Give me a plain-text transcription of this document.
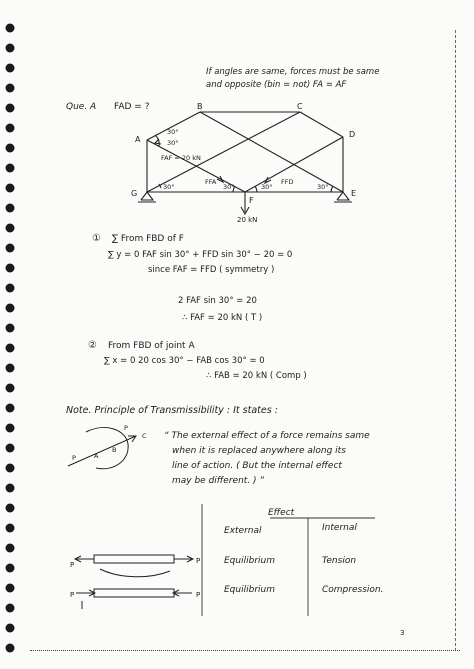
If angles are same, forces must be same
and opposite (bin = not) FA = AF
Que. A FAD = ?
A
B	C
D
G
F
E
30°
30°
30°	30°	30°	30°
FAF = 20 kN
FFA	FFD
20 kN
① ∑ From FBD of F
∑ y = 0 FAF sin 30° + FFD sin 30° − 20 = 0
since FAF = FFD ( symmetry )
2 FAF sin 30° = 20
∴ FAF = 20 kN ( T )
② From FBD of joint A
∑ x = 0 20 cos 30° − FAB cos 30° = 0
∴ FAB = 20 kN ( Comp )
Note. Principle of Transmissibility : It states :
P	A
B
P
C “ The external effect of a force remains same
when it is replaced anywhere along its
line of action. ( But the internal effect
may be different. ) ”
Effect
External	Internal
Equilibrium	Tension
Equilibrium	Compression.
P	P
P	P
3
